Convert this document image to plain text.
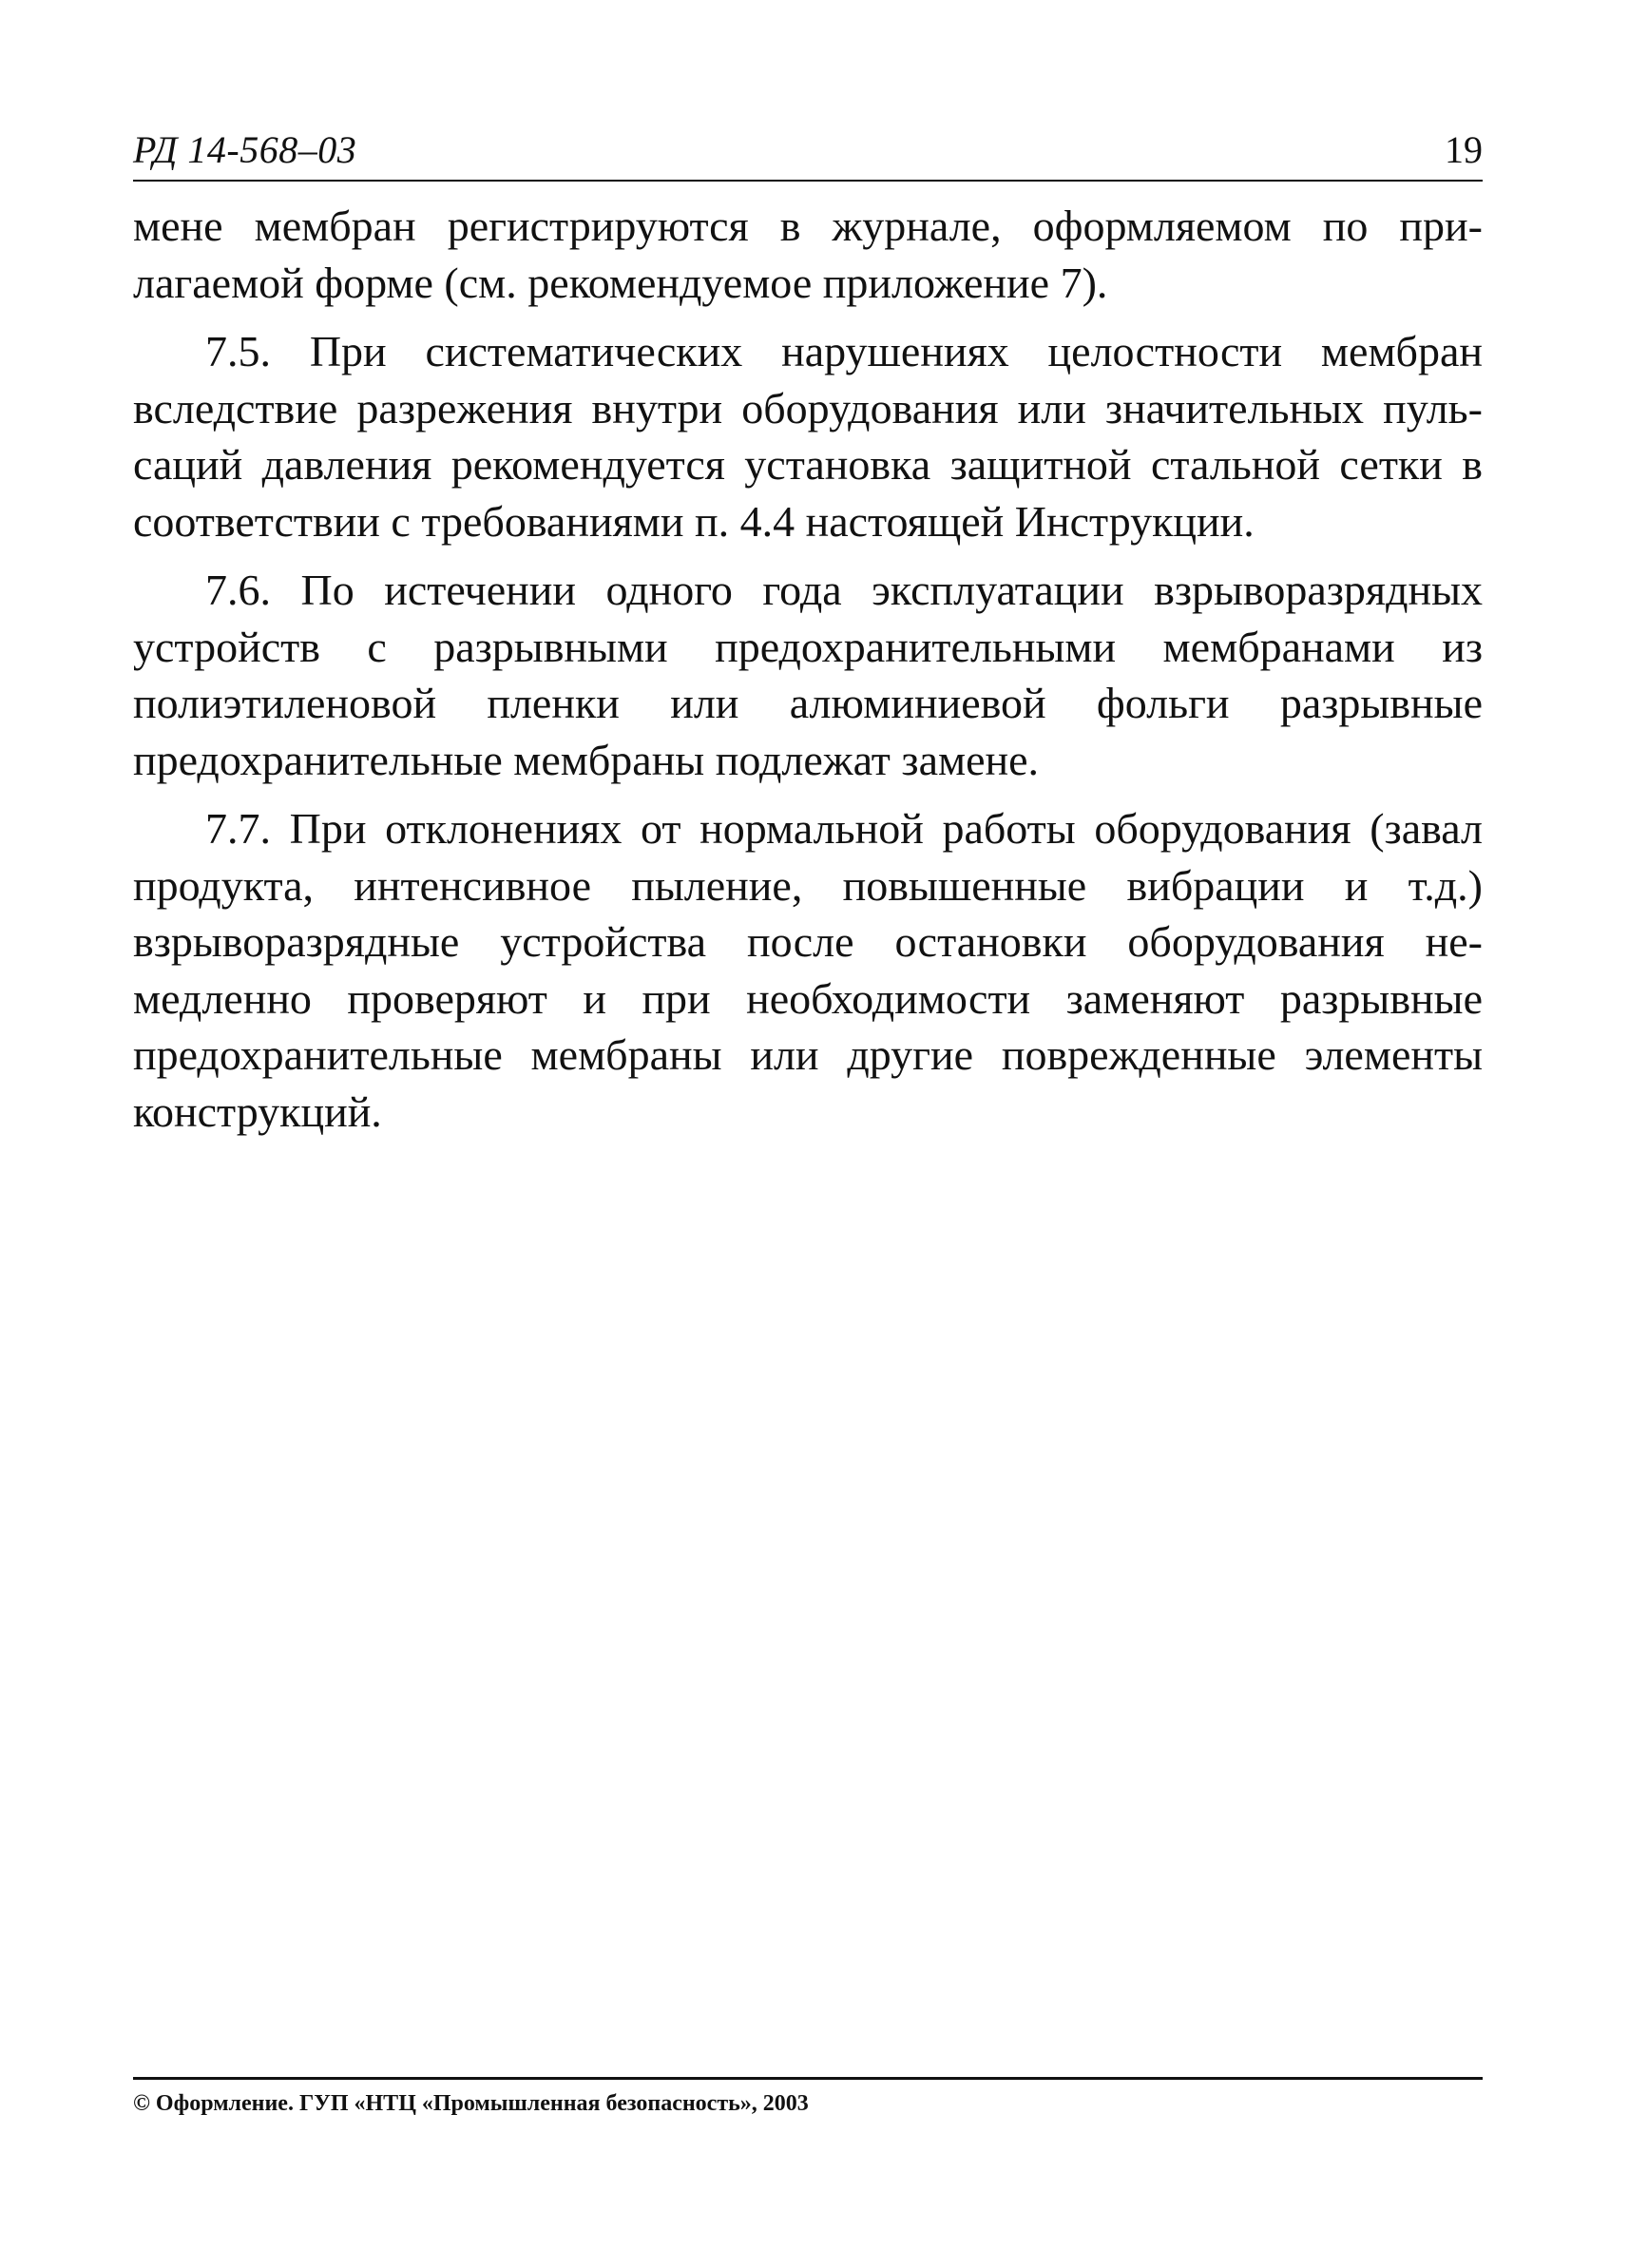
РД 14-568–03	19

мене мембран регистрируются в журнале, оформляемом по прилагаемой форме (см. рекомендуемое приложение 7).

7.5. При систематических нарушениях целостности мембран вследствие разрежения внутри оборудования или значительных пульсаций давления рекомендуется установка защитной стальной сетки в соответствии с требованиями п. 4.4 настоящей Инструкции.

7.6. По истечении одного года эксплуатации взрыворазрядных устройств с разрывными предохранительными мембранами из полиэтиленовой пленки или алюминиевой фольги разрывные предохранительные мембраны подлежат замене.

7.7. При отклонениях от нормальной работы оборудования (завал продукта, интенсивное пыление, повышенные вибрации и т.д.) взрыворазрядные устройства после остановки оборудования немедленно проверяют и при необходимости заменяют разрывные предохранительные мембраны или другие поврежденные элементы конструкций.

© Оформление. ГУП «НТЦ «Промышленная безопасность», 2003
